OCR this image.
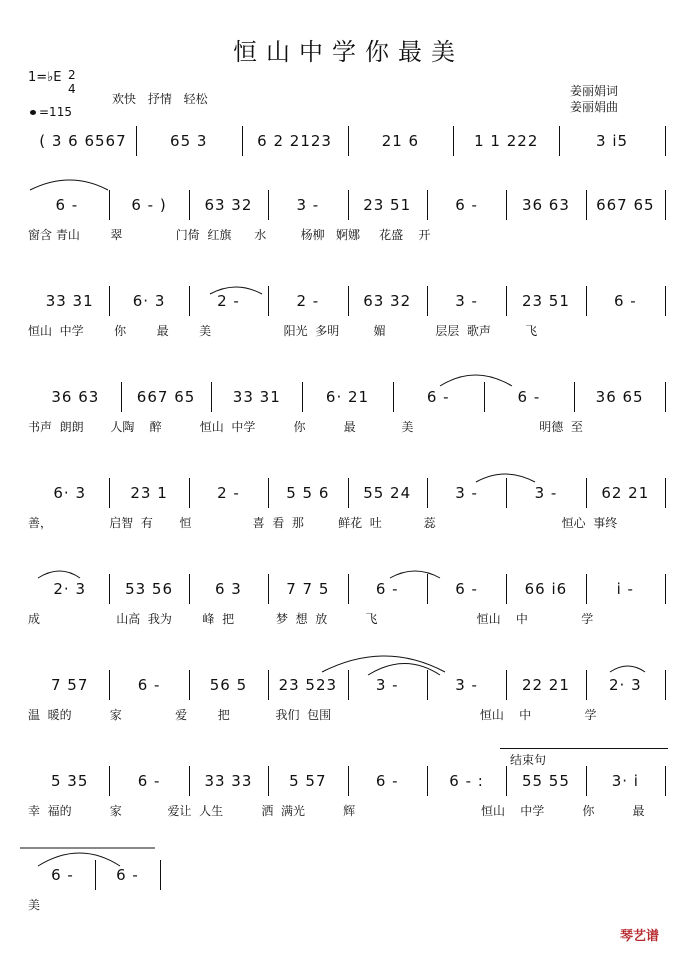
恒山中学你最美
1=♭E 2
4
=115
欢快 抒情 轻松
姜丽娟词
姜丽娟曲
( 3 6 6567	65 3	6 2 2123	21 6	1 1 222	3 i5
6 -	6 - )	63 32	3 -	23 51	6 -	36 63	667 65
窗含 青山        翠              门倚  红旗      水         杨柳   婀娜     花盛    开
33 31	6· 3	2 -	2 -	63 32	3 -	23 51	6 -
恒山  中学        你        最        美                   阳光  多明         媚             层层  歌声         飞
36 63	667 65	33 31	6· 21	6 -	6 -	36 65
书声  朗朗       人陶    醉          恒山  中学          你          最            美                                 明德  至
6· 3	23 1	2 -	5 5 6	55 24	3 -	3 -	62 21
善，               启智  有       恒                喜  看  那         鲜花  吐           蕊                                 恒心  事终
2· 3	53 56	6 3	7 7 5	6 -	6 -	66 i6	i -
成                    山高  我为        峰  把           梦  想  放          飞                          恒山    中              学
7 57	6 -	56 5	23 523	3 -	3 -	22 21	2· 3
温  暖的          家              爱        把            我们  包围                                       恒山    中              学
5 35	6 -	33 33	5 57	6 -	6 - :	55 55	3· i
幸  福的          家            爱让  人生          洒  满光          辉                                 恒山    中学          你          最
6 -	6 -
美
结束句
琴艺谱
